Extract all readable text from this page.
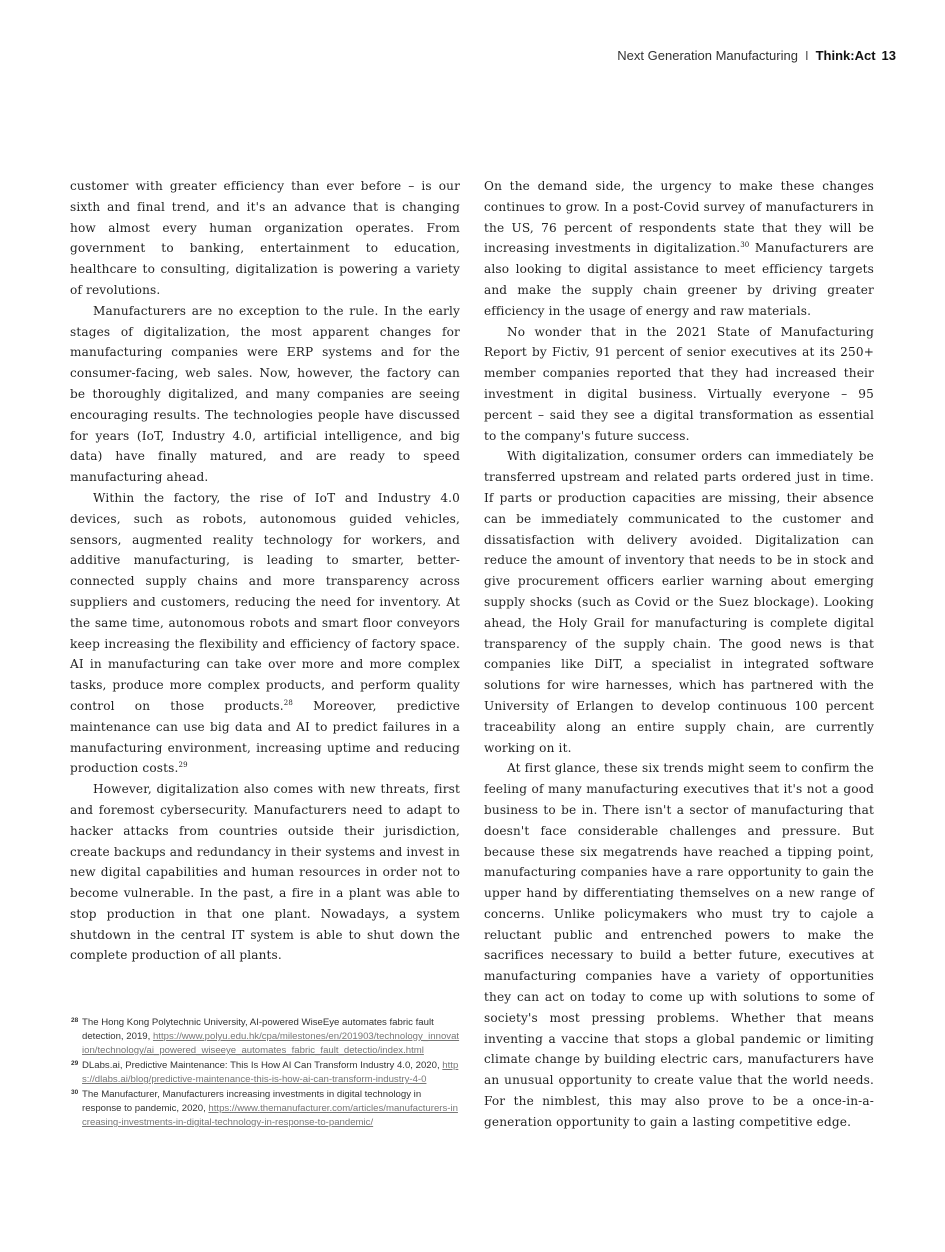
Next Generation Manufacturing I Think:Act 13

customer with greater efficiency than ever before – is our sixth and final trend, and it's an advance that is changing how almost every human organization operates. From government to banking, entertainment to education, healthcare to consulting, digitalization is powering a variety of revolutions.

Manufacturers are no exception to the rule. In the early stages of digitalization, the most apparent changes for manufacturing companies were ERP systems and for the consumer-facing, web sales. Now, however, the factory can be thoroughly digitalized, and many companies are seeing encouraging results. The technologies people have discussed for years (IoT, Industry 4.0, artificial intelligence, and big data) have finally matured, and are ready to speed manufacturing ahead.

Within the factory, the rise of IoT and Industry 4.0 devices, such as robots, autonomous guided vehicles, sensors, augmented reality technology for workers, and additive manufacturing, is leading to smarter, better-connected supply chains and more transparency across suppliers and customers, reducing the need for inventory. At the same time, autonomous robots and smart floor conveyors keep increasing the flexibility and efficiency of factory space. AI in manufacturing can take over more and more complex tasks, produce more complex products, and perform quality control on those products.$^{28}$ Moreover, predictive maintenance can use big data and AI to predict failures in a manufacturing environment, increasing uptime and reducing production costs.$^{29}$

However, digitalization also comes with new threats, first and foremost cybersecurity. Manufacturers need to adapt to hacker attacks from countries outside their jurisdiction, create backups and redundancy in their systems and invest in new digital capabilities and human resources in order not to become vulnerable. In the past, a fire in a plant was able to stop production in that one plant. Nowadays, a system shutdown in the central IT system is able to shut down the complete production of all plants.

On the demand side, the urgency to make these changes continues to grow. In a post-Covid survey of manufacturers in the US, 76 percent of respondents state that they will be increasing investments in digitalization.$^{30}$ Manufacturers are also looking to digital assistance to meet efficiency targets and make the supply chain greener by driving greater efficiency in the usage of energy and raw materials.

No wonder that in the 2021 State of Manufacturing Report by Fictiv, 91 percent of senior executives at its 250+ member companies reported that they had increased their investment in digital business. Virtually everyone – 95 percent – said they see a digital transformation as essential to the company's future success.

With digitalization, consumer orders can immediately be transferred upstream and related parts ordered just in time. If parts or production capacities are missing, their absence can be immediately communicated to the customer and dissatisfaction with delivery avoided. Digitalization can reduce the amount of inventory that needs to be in stock and give procurement officers earlier warning about emerging supply shocks (such as Covid or the Suez blockage). Looking ahead, the Holy Grail for manufacturing is complete digital transparency of the supply chain. The good news is that companies like DiIT, a specialist in integrated software solutions for wire harnesses, which has partnered with the University of Erlangen to develop continuous 100 percent traceability along an entire supply chain, are currently working on it.

At first glance, these six trends might seem to confirm the feeling of many manufacturing executives that it's not a good business to be in. There isn't a sector of manufacturing that doesn't face considerable challenges and pressure. But because these six megatrends have reached a tipping point, manufacturing companies have a rare opportunity to gain the upper hand by differentiating themselves on a new range of concerns. Unlike policymakers who must try to cajole a reluctant public and entrenched powers to make the sacrifices necessary to build a better future, executives at manufacturing companies have a variety of opportunities they can act on today to come up with solutions to some of society's most pressing problems. Whether that means inventing a vaccine that stops a global pandemic or limiting climate change by building electric cars, manufacturers have an unusual opportunity to create value that the world needs. For the nimblest, this may also prove to be a once-in-a-generation opportunity to gain a lasting competitive edge.

28 The Hong Kong Polytechnic University, AI-powered WiseEye automates fabric fault detection, 2019, https://www.polyu.edu.hk/cpa/milestones/en/201903/technology_innovation/technology/ai_powered_wiseeye_automates_fabric_fault_detectio/index.html
29 DLabs.ai, Predictive Maintenance: This Is How AI Can Transform Industry 4.0, 2020, https://dlabs.ai/blog/predictive-maintenance-this-is-how-ai-can-transform-industry-4-0
30 The Manufacturer, Manufacturers increasing investments in digital technology in response to pandemic, 2020, https://www.themanufacturer.com/articles/manufacturers-increasing-investments-in-digital-technology-in-response-to-pandemic/
